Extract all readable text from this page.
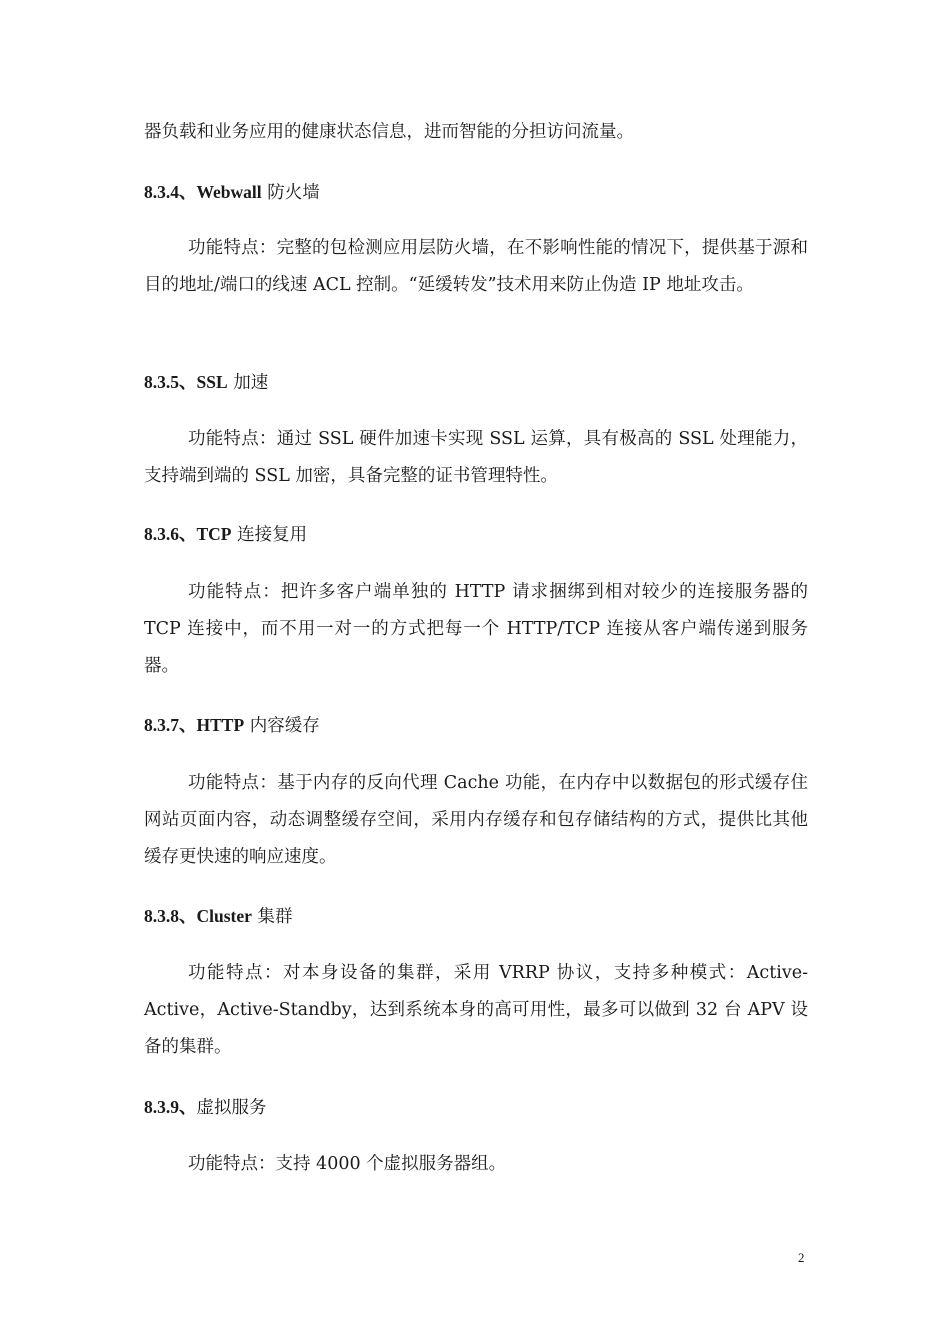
器负载和业务应用的健康状态信息，进而智能的分担访问流量。

8.3.4、Webwall 防火墙

功能特点：完整的包检测应用层防火墙，在不影响性能的情况下，提供基于源和目的地址/端口的线速 ACL 控制。“延缓转发”技术用来防止伪造 IP 地址攻击。

8.3.5、SSL 加速

功能特点：通过 SSL 硬件加速卡实现 SSL 运算，具有极高的 SSL 处理能力，支持端到端的 SSL 加密，具备完整的证书管理特性。

8.3.6、TCP 连接复用

功能特点：把许多客户端单独的 HTTP 请求捆绑到相对较少的连接服务器的 TCP 连接中，而不用一对一的方式把每一个 HTTP/TCP 连接从客户端传递到服务器。

8.3.7、HTTP 内容缓存

功能特点：基于内存的反向代理 Cache 功能，在内存中以数据包的形式缓存住网站页面内容，动态调整缓存空间，采用内存缓存和包存储结构的方式，提供比其他缓存更快速的响应速度。

8.3.8、Cluster 集群

功能特点：对本身设备的集群，采用 VRRP 协议，支持多种模式：Active-Active，Active-Standby，达到系统本身的高可用性，最多可以做到 32 台 APV 设备的集群。

8.3.9、虚拟服务

功能特点：支持 4000 个虚拟服务器组。

2
